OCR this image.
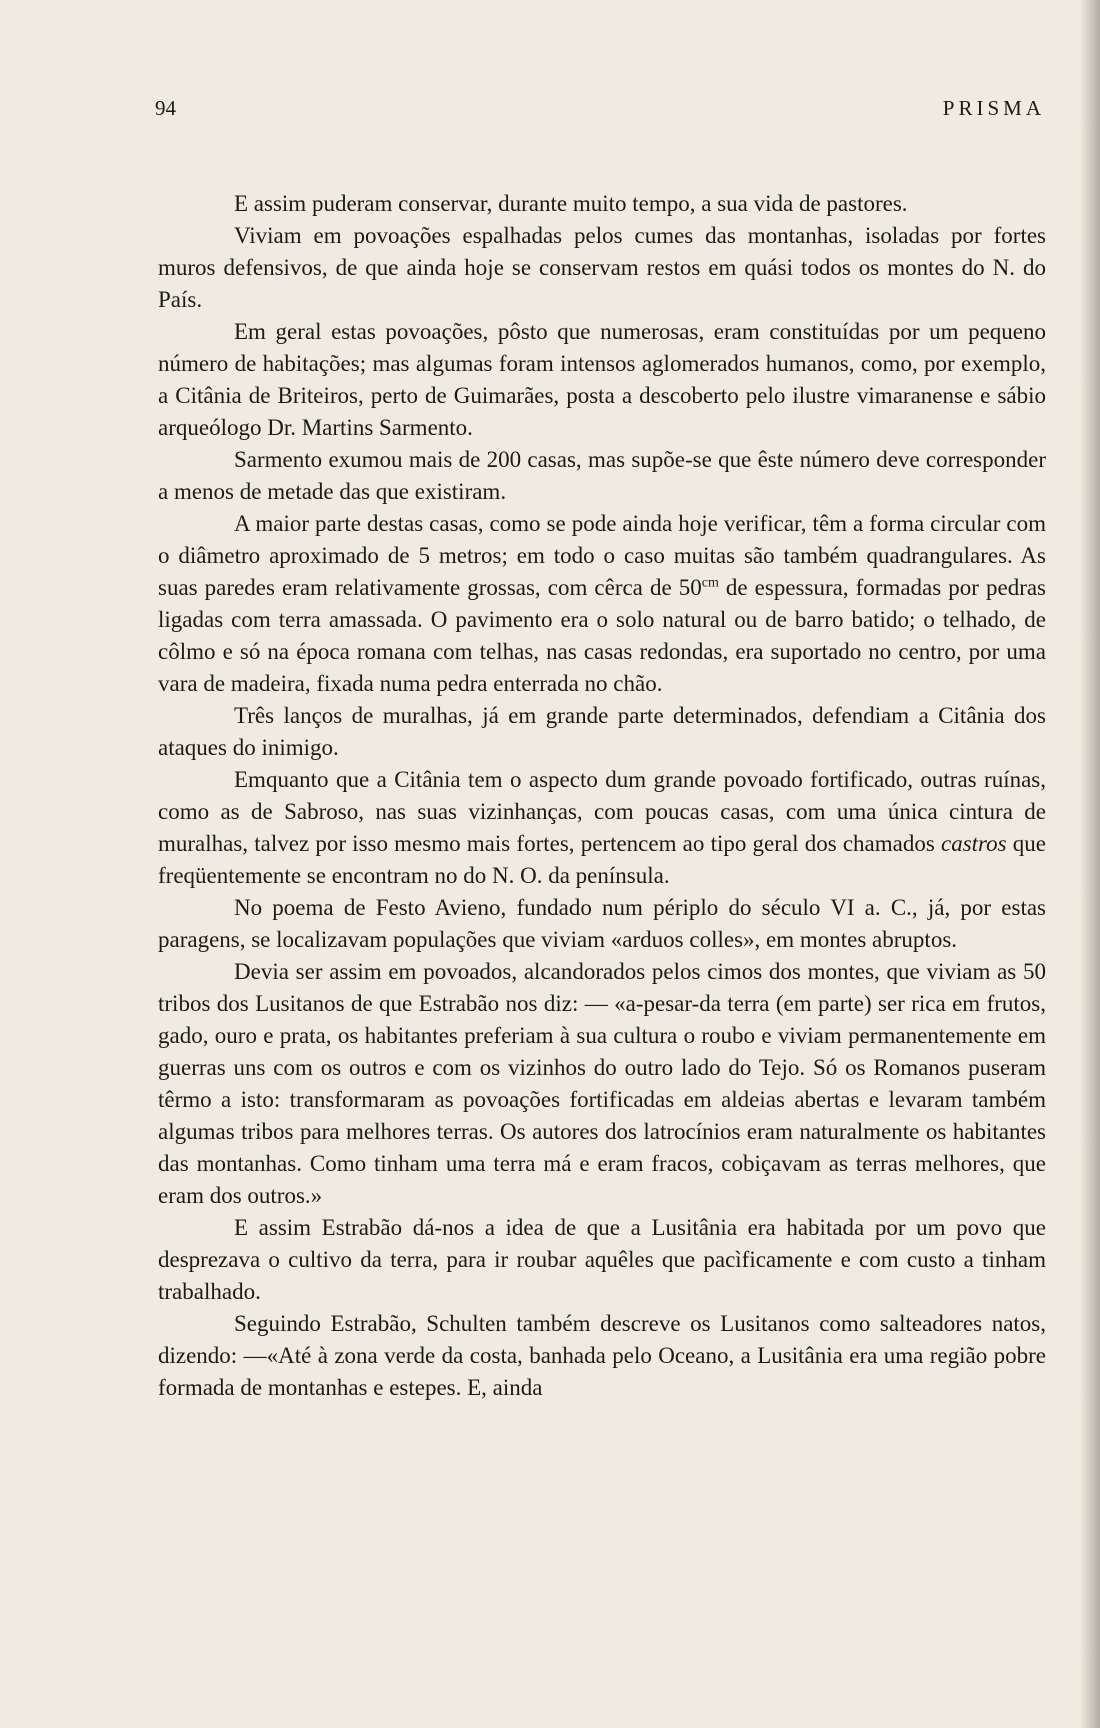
94	PRISMA

E assim puderam conservar, durante muito tempo, a sua vida de pastores.

Viviam em povoações espalhadas pelos cumes das montanhas, isoladas por fortes muros defensivos, de que ainda hoje se conservam restos em quási todos os montes do N. do País.

Em geral estas povoações, pôsto que numerosas, eram constituídas por um pequeno número de habitações; mas algumas foram intensos aglomerados humanos, como, por exemplo, a Citânia de Briteiros, perto de Guimarães, posta a descoberto pelo ilustre vimaranense e sábio arqueólogo Dr. Martins Sarmento.

Sarmento exumou mais de 200 casas, mas supõe-se que êste número deve corresponder a menos de metade das que existiram.

A maior parte destas casas, como se pode ainda hoje verificar, têm a forma circular com o diâmetro aproximado de 5 metros; em todo o caso muitas são também quadrangulares. As suas paredes eram relativamente grossas, com cêrca de $50^{cm}$ de espessura, formadas por pedras ligadas com terra amassada. O pavimento era o solo natural ou de barro batido; o telhado, de côlmo e só na época romana com telhas, nas casas redondas, era suportado no centro, por uma vara de madeira, fixada numa pedra enterrada no chão.

Três lanços de muralhas, já em grande parte determinados, defendiam a Citânia dos ataques do inimigo.

Emquanto que a Citânia tem o aspecto dum grande povoado fortificado, outras ruínas, como as de Sabroso, nas suas vizinhanças, com poucas casas, com uma única cintura de muralhas, talvez por isso mesmo mais fortes, pertencem ao tipo geral dos chamados castros que freqüentemente se encontram no do N. O. da península.

No poema de Festo Avieno, fundado num périplo do século VI a. C., já, por estas paragens, se localizavam populações que viviam «arduos colles», em montes abruptos.

Devia ser assim em povoados, alcandorados pelos cimos dos montes, que viviam as 50 tribos dos Lusitanos de que Estrabão nos diz: — «a-pesar-da terra (em parte) ser rica em frutos, gado, ouro e prata, os habitantes preferiam à sua cultura o roubo e viviam permanentemente em guerras uns com os outros e com os vizinhos do outro lado do Tejo. Só os Romanos puseram têrmo a isto: transformaram as povoações fortificadas em aldeias abertas e levaram também algumas tribos para melhores terras. Os autores dos latrocínios eram naturalmente os habitantes das montanhas. Como tinham uma terra má e eram fracos, cobiçavam as terras melhores, que eram dos outros.»

E assim Estrabão dá-nos a idea de que a Lusitânia era habitada por um povo que desprezava o cultivo da terra, para ir roubar aquêles que pacìficamente e com custo a tinham trabalhado.

Seguindo Estrabão, Schulten também descreve os Lusitanos como salteadores natos, dizendo: —«Até à zona verde da costa, banhada pelo Oceano, a Lusitânia era uma região pobre formada de montanhas e estepes. E, ainda
